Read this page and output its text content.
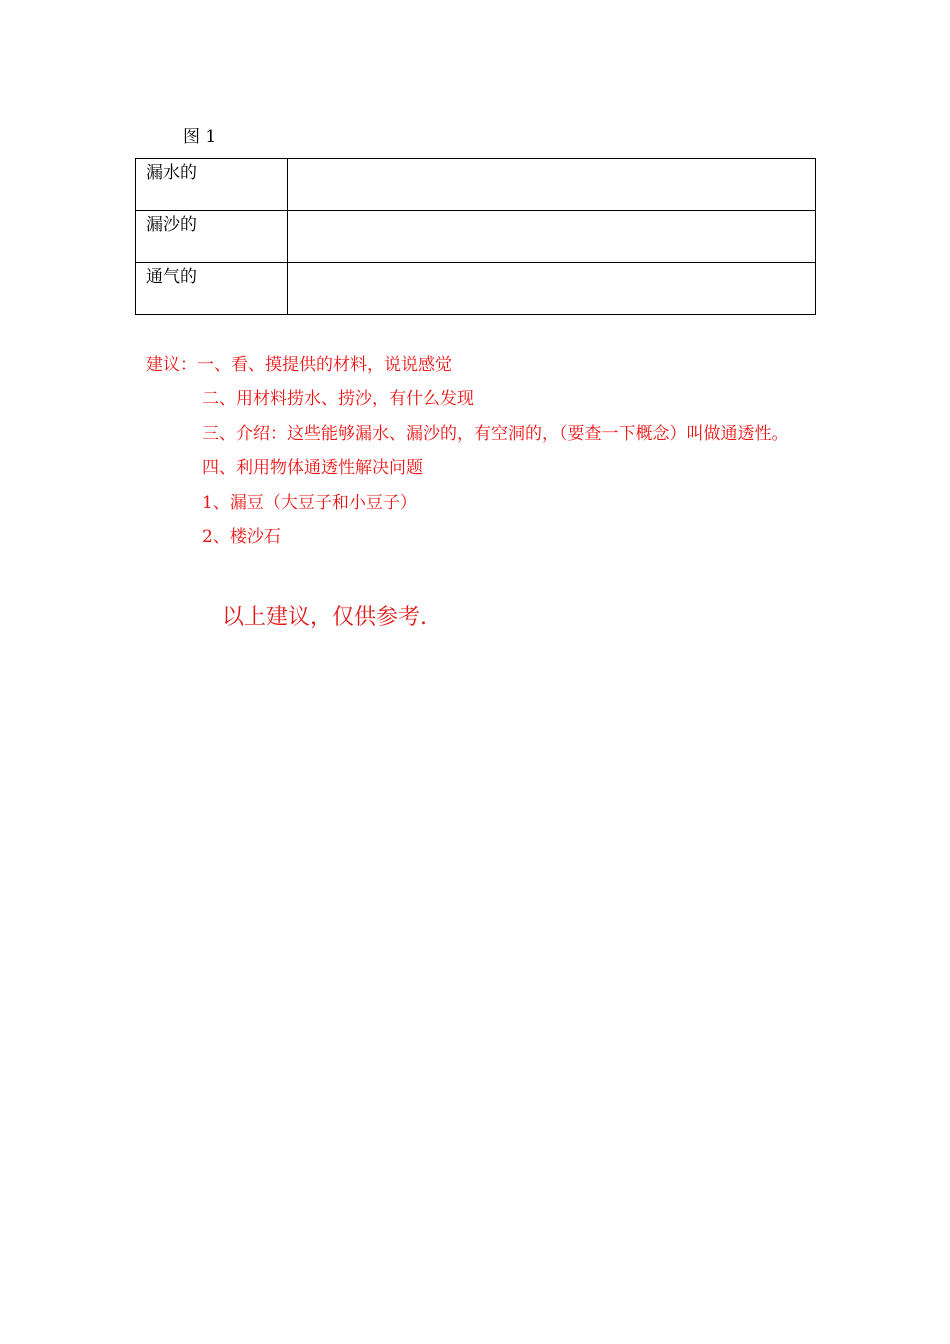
图 1
漏水的	

漏沙的	

通气的	

建议：一、看、摸提供的材料，说说感觉
二、用材料捞水、捞沙，有什么发现
三、介绍：这些能够漏水、漏沙的，有空洞的，（要查一下概念）叫做通透性。
四、利用物体通透性解决问题
1、漏豆（大豆子和小豆子）
2、楼沙石
以上建议，仅供参考.
